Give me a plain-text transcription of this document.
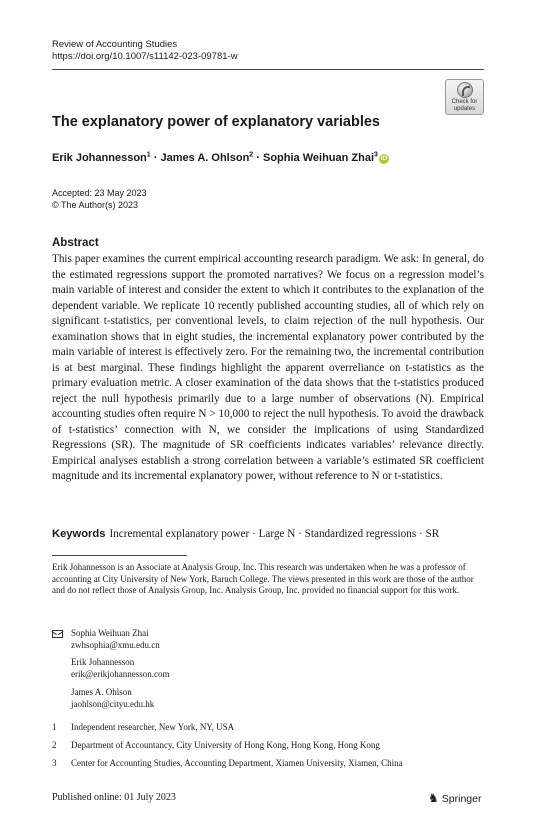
Review of Accounting Studies
https://doi.org/10.1007/s11142-023-09781-w
Check for
updates
The explanatory power of explanatory variables
Erik Johannesson$^1$ · James A. Ohlson$^2$ · Sophia Weihuan Zhai$^3$iD
Accepted: 23 May 2023
© The Author(s) 2023
Abstract
This paper examines the current empirical accounting research paradigm. We ask: In general, do the estimated regressions support the promoted narratives? We focus on a regression model’s main variable of interest and consider the extent to which it contributes to the explanation of the dependent variable. We replicate 10 recently published accounting studies, all of which rely on significant t-statistics, per conventional levels, to claim rejection of the null hypothesis. Our examination shows that in eight studies, the incremental explanatory power contributed by the main variable of interest is effectively zero. For the remaining two, the incremental contribution is at best marginal. These findings highlight the apparent overreliance on t-statistics as the primary evaluation metric. A closer examination of the data shows that the t-statistics produced reject the null hypothesis primarily due to a large number of observations (N). Empirical accounting studies often require N > 10,000 to reject the null hypothesis. To avoid the drawback of t-statistics’ connection with N, we consider the implications of using Standardized Regressions (SR). The magnitude of SR coefficients indicates variables’ relevance directly. Empirical analyses establish a strong correlation between a variable’s estimated SR coefficient magnitude and its incremental explanatory power, without reference to N or t-statistics.
Keywords Incremental explanatory power · Large N · Standardized regressions · SR
Erik Johannesson is an Associate at Analysis Group, Inc. This research was undertaken when he was a professor of accounting at City University of New York, Baruch College. The views presented in this work are those of the author and do not reflect those of Analysis Group, Inc. Analysis Group, Inc. provided no financial support for this work.
Sophia Weihuan Zhai
zwhsophia@xmu.edu.cn
Erik Johannesson
erik@erikjohannesson.com
James A. Ohlson
jaohlson@cityu.edu.hk
1 Independent researcher, New York, NY, USA
2 Department of Accountancy, City University of Hong Kong, Hong Kong, Hong Kong
3 Center for Accounting Studies, Accounting Department, Xiamen University, Xiamen, China
Published online: 01 July 2023	♞ Springer
